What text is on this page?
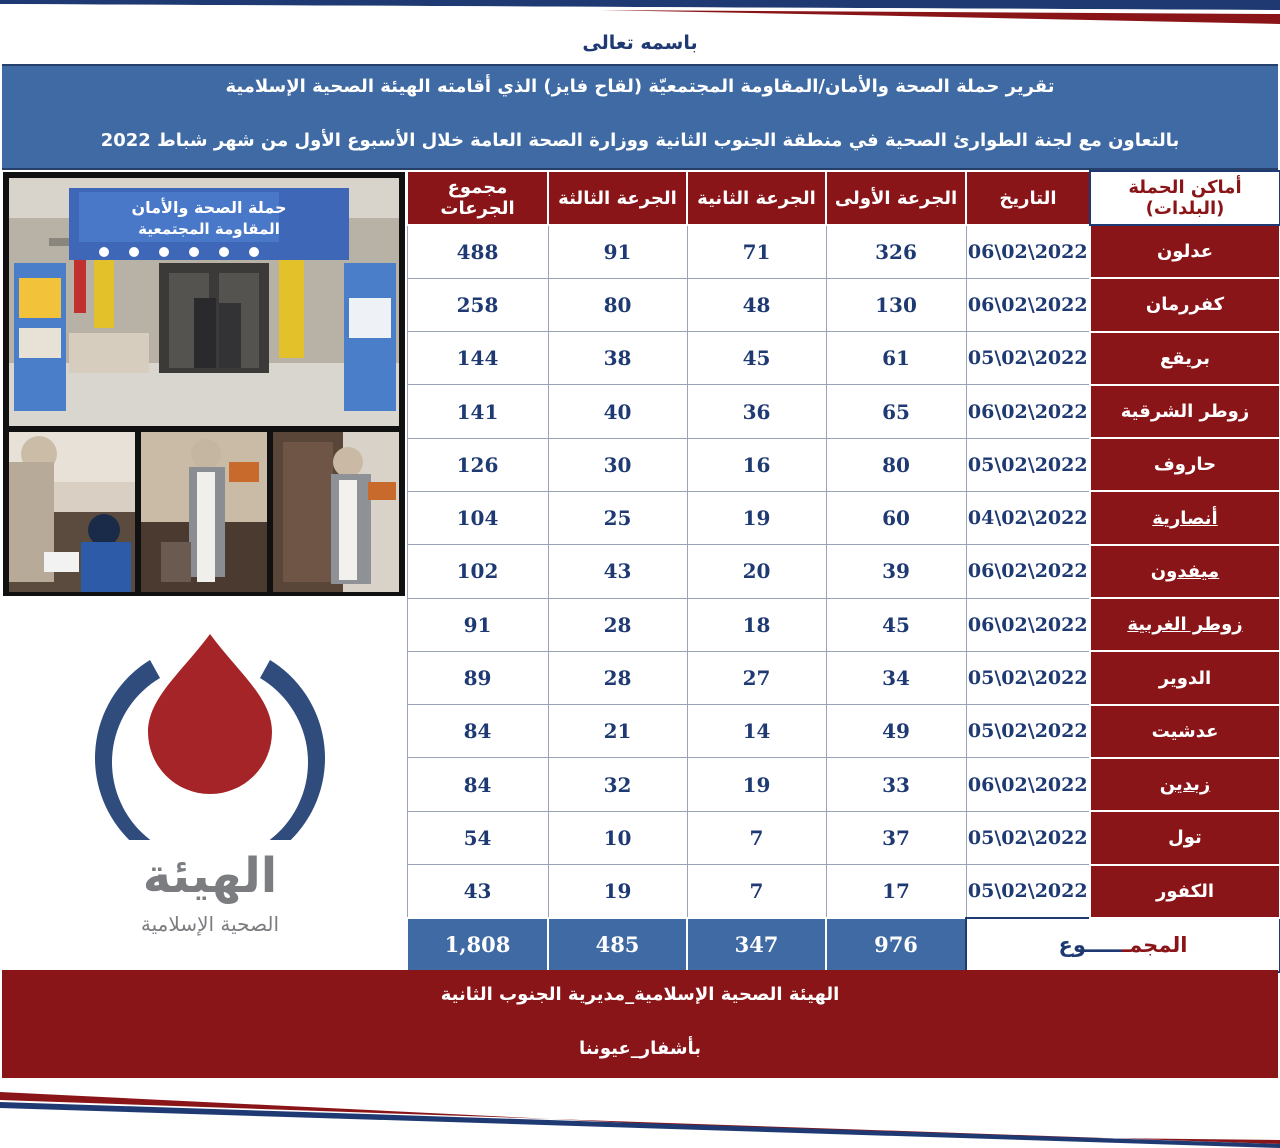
باسمه تعالى
تقرير حملة الصحة والأمان/المقاومة المجتمعيّة (لقاح فايز) الذي أقامته الهيئة الصحية الإسلامية
بالتعاون مع لجنة الطوارئ الصحية في منطقة الجنوب الثانية ووزارة الصحة العامة خلال الأسبوع الأول من شهر شباط 2022
حملة الصحة والأمان
المقاومة المجتمعية
الهيئة
الصحية الإسلامية
أماكن الحملة (البلدات)	التاريخ	الجرعة الأولى	الجرعة الثانية	الجرعة الثالثة	مجموع الجرعات
عدلون	2022\02\06	326	71	91	488
كفررمان	2022\02\06	130	48	80	258
بريقع	2022\02\05	61	45	38	144
زوطر الشرقية	2022\02\06	65	36	40	141
حاروف	2022\02\05	80	16	30	126
أنصارية	2022\02\04	60	19	25	104
ميفدون	2022\02\06	39	20	43	102
زوطر الغربية	2022\02\06	45	18	28	91
الدوير	2022\02\05	34	27	28	89
عدشيت	2022\02\05	49	14	21	84
زبدين	2022\02\06	33	19	32	84
تول	2022\02\05	37	7	10	54
الكفور	2022\02\05	17	7	19	43
المجمــــــوع		976	347	485	1,808
الهيئة الصحية الإسلامية_مديرية الجنوب الثانية
بأشفار_عيوننا
